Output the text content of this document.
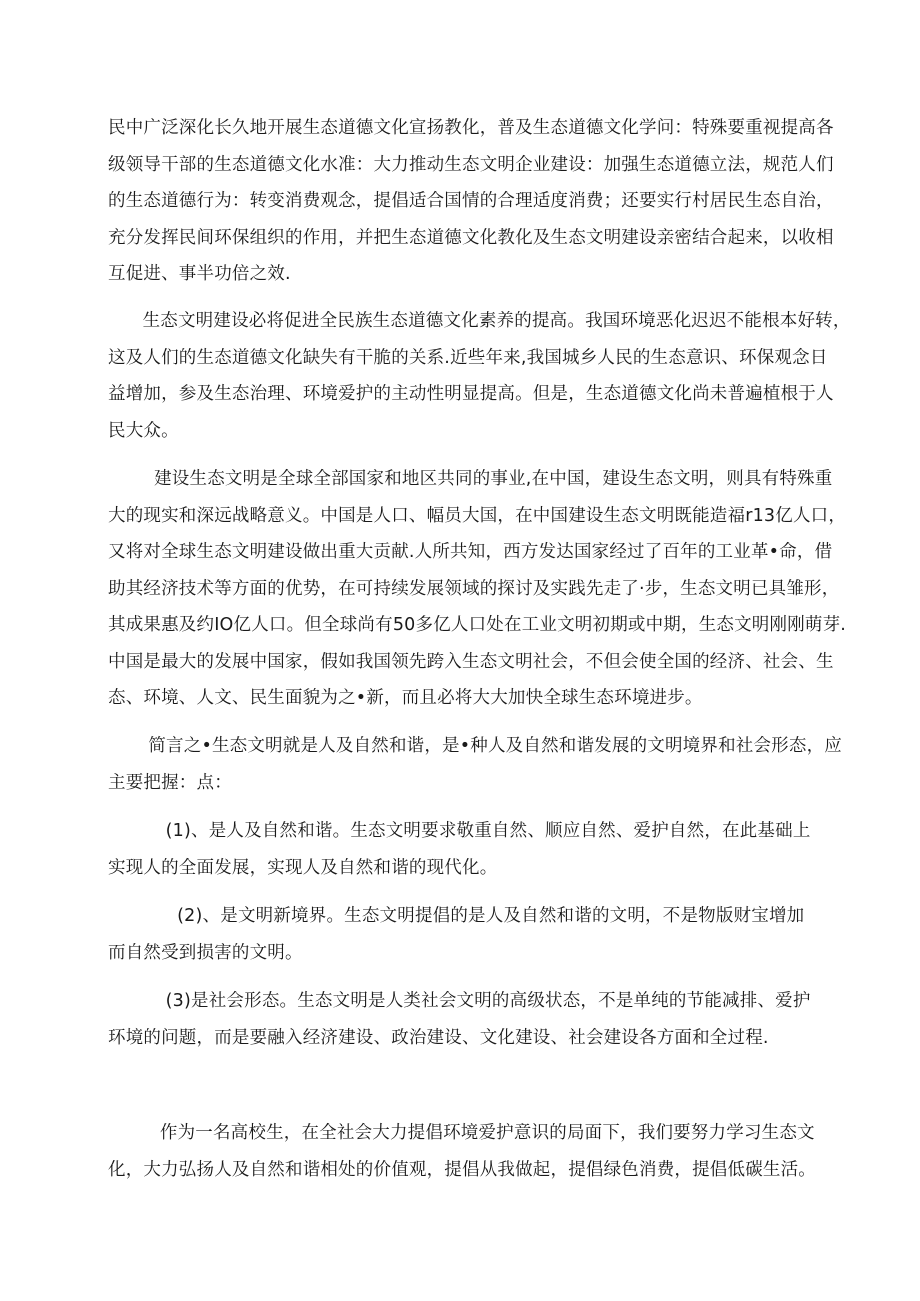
民中广泛深化长久地开展生态道德文化宣扬教化，普及生态道德文化学问：特殊要重视提高各
级领导干部的生态道德文化水准：大力推动生态文明企业建设：加强生态道德立法，规范人们
的生态道德行为：转变消费观念，提倡适合国情的合理适度消费；还要实行村居民生态自治，
充分发挥民间环保组织的作用，并把生态道德文化教化及生态文明建设亲密结合起来，以收相
互促进、事半功倍之效.

生态文明建设必将促进全民族生态道德文化素养的提高。我国环境恶化迟迟不能根本好转，
这及人们的生态道德文化缺失有干脆的关系.近些年来,我国城乡人民的生态意识、环保观念日
益增加，参及生态治理、环境爱护的主动性明显提高。但是，生态道德文化尚未普遍植根于人
民大众。

建设生态文明是全球全部国家和地区共同的事业,在中国，建设生态文明，则具有特殊重
大的现实和深远战略意义。中国是人口、幅员大国，在中国建设生态文明既能造福r13亿人口，
又将对全球生态文明建设做出重大贡献.人所共知，西方发达国家经过了百年的工业革•命，借
助其经济技术等方面的优势，在可持续发展领域的探讨及实践先走了·步，生态文明已具雏形，
其成果惠及约IO亿人口。但全球尚有50多亿人口处在工业文明初期或中期，生态文明刚刚萌芽.
中国是最大的发展中国家，假如我国领先跨入生态文明社会，不但会使全国的经济、社会、生
态、环境、人文、民生面貌为之•新，而且必将大大加快全球生态环境进步。

简言之•生态文明就是人及自然和谐，是•种人及自然和谐发展的文明境界和社会形态，应
主要把握：点：

(1)、是人及自然和谐。生态文明要求敬重自然、顺应自然、爱护自然，在此基础上
实现人的全面发展，实现人及自然和谐的现代化。

(2)、是文明新境界。生态文明提倡的是人及自然和谐的文明，不是物版财宝增加
而自然受到损害的文明。

(3)是社会形态。生态文明是人类社会文明的高级状态，不是单纯的节能减排、爱护
环境的问题，而是要融入经济建设、政治建设、文化建设、社会建设各方面和全过程.

作为一名高校生，在全社会大力提倡环境爱护意识的局面下，我们要努力学习生态文
化，大力弘扬人及自然和谐相处的价值观，提倡从我做起，提倡绿色消费，提倡低碳生活。
